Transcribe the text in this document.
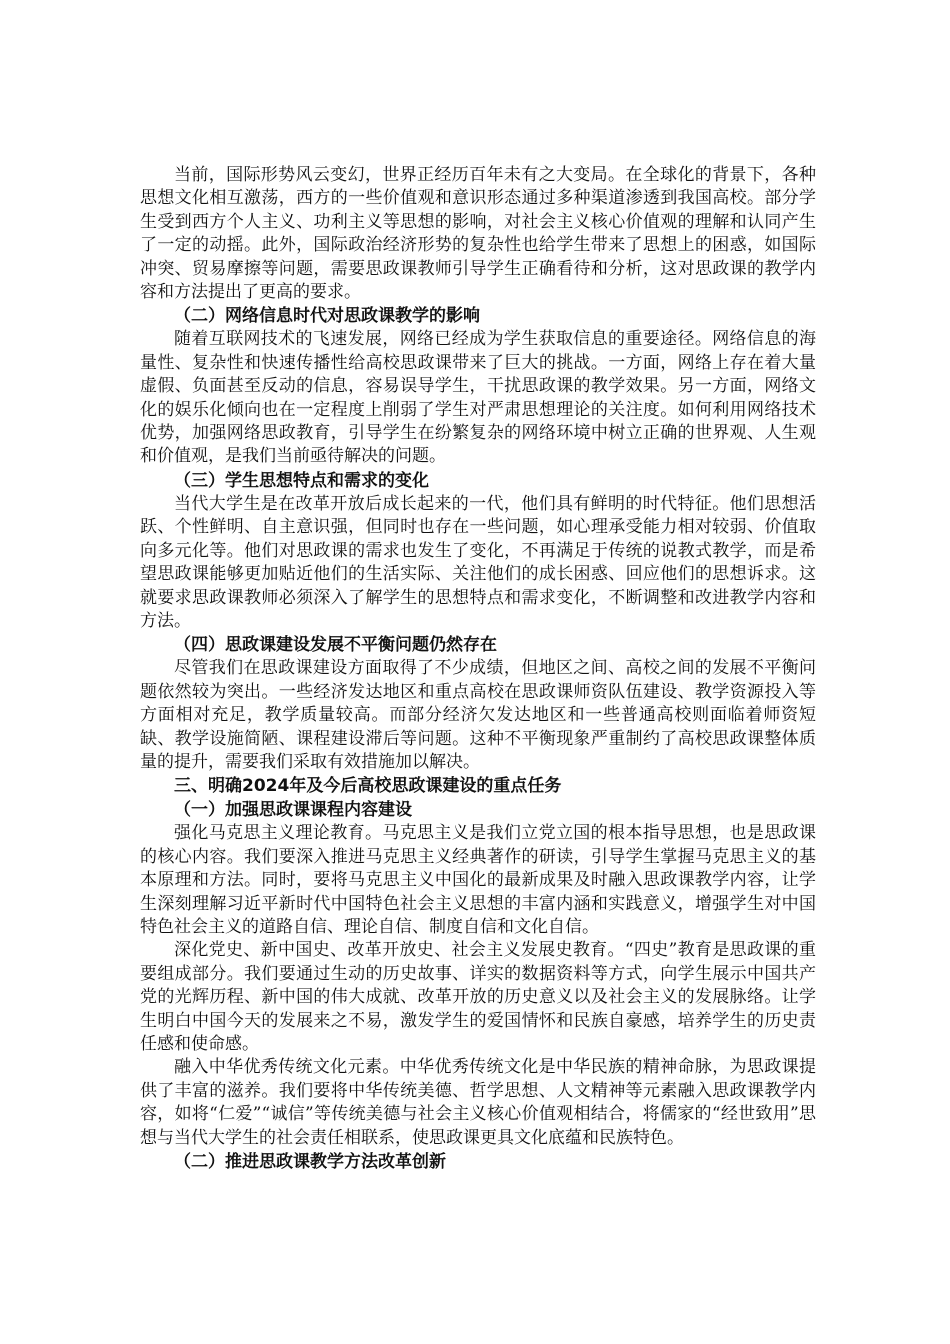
当前，国际形势风云变幻，世界正经历百年未有之大变局。在全球化的背景下，各种思想文化相互激荡，西方的一些价值观和意识形态通过多种渠道渗透到我国高校。部分学生受到西方个人主义、功利主义等思想的影响，对社会主义核心价值观的理解和认同产生了一定的动摇。此外，国际政治经济形势的复杂性也给学生带来了思想上的困惑，如国际冲突、贸易摩擦等问题，需要思政课教师引导学生正确看待和分析，这对思政课的教学内容和方法提出了更高的要求。

（二）网络信息时代对思政课教学的影响

随着互联网技术的飞速发展，网络已经成为学生获取信息的重要途径。网络信息的海量性、复杂性和快速传播性给高校思政课带来了巨大的挑战。一方面，网络上存在着大量虚假、负面甚至反动的信息，容易误导学生，干扰思政课的教学效果。另一方面，网络文化的娱乐化倾向也在一定程度上削弱了学生对严肃思想理论的关注度。如何利用网络技术优势，加强网络思政教育，引导学生在纷繁复杂的网络环境中树立正确的世界观、人生观和价值观，是我们当前亟待解决的问题。

（三）学生思想特点和需求的变化

当代大学生是在改革开放后成长起来的一代，他们具有鲜明的时代特征。他们思想活跃、个性鲜明、自主意识强，但同时也存在一些问题，如心理承受能力相对较弱、价值取向多元化等。他们对思政课的需求也发生了变化，不再满足于传统的说教式教学，而是希望思政课能够更加贴近他们的生活实际、关注他们的成长困惑、回应他们的思想诉求。这就要求思政课教师必须深入了解学生的思想特点和需求变化，不断调整和改进教学内容和方法。

（四）思政课建设发展不平衡问题仍然存在

尽管我们在思政课建设方面取得了不少成绩，但地区之间、高校之间的发展不平衡问题依然较为突出。一些经济发达地区和重点高校在思政课师资队伍建设、教学资源投入等方面相对充足，教学质量较高。而部分经济欠发达地区和一些普通高校则面临着师资短缺、教学设施简陋、课程建设滞后等问题。这种不平衡现象严重制约了高校思政课整体质量的提升，需要我们采取有效措施加以解决。

三、明确2024年及今后高校思政课建设的重点任务
（一）加强思政课课程内容建设

强化马克思主义理论教育。马克思主义是我们立党立国的根本指导思想，也是思政课的核心内容。我们要深入推进马克思主义经典著作的研读，引导学生掌握马克思主义的基本原理和方法。同时，要将马克思主义中国化的最新成果及时融入思政课教学内容，让学生深刻理解习近平新时代中国特色社会主义思想的丰富内涵和实践意义，增强学生对中国特色社会主义的道路自信、理论自信、制度自信和文化自信。

深化党史、新中国史、改革开放史、社会主义发展史教育。“四史”教育是思政课的重要组成部分。我们要通过生动的历史故事、详实的数据资料等方式，向学生展示中国共产党的光辉历程、新中国的伟大成就、改革开放的历史意义以及社会主义的发展脉络。让学生明白中国今天的发展来之不易，激发学生的爱国情怀和民族自豪感，培养学生的历史责任感和使命感。

融入中华优秀传统文化元素。中华优秀传统文化是中华民族的精神命脉，为思政课提供了丰富的滋养。我们要将中华传统美德、哲学思想、人文精神等元素融入思政课教学内容，如将“仁爱”“诚信”等传统美德与社会主义核心价值观相结合，将儒家的“经世致用”思想与当代大学生的社会责任相联系，使思政课更具文化底蕴和民族特色。

（二）推进思政课教学方法改革创新
